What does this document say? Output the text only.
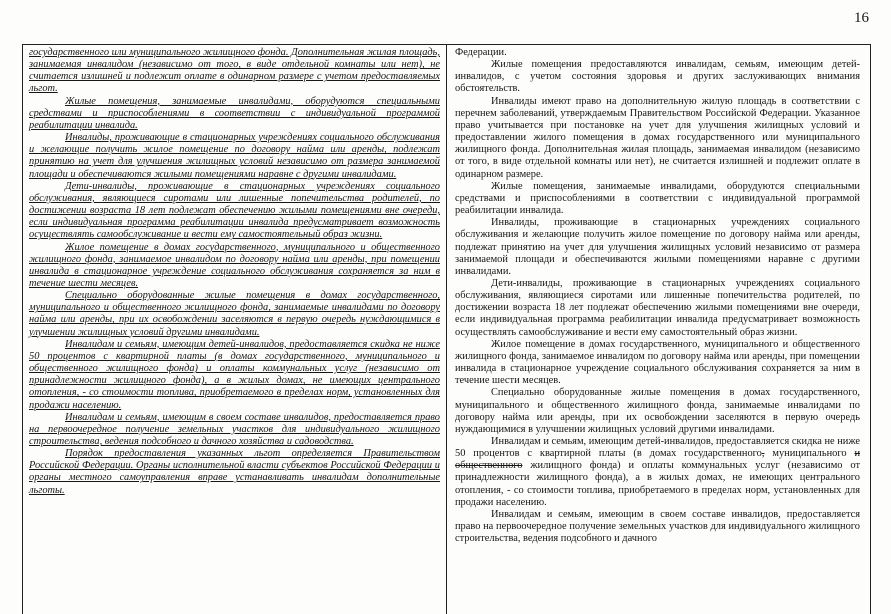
16

государственного или муниципального жилищного фонда. Дополнительная жилая площадь, занимаемая инвалидом (независимо от того, в виде отдельной комнаты или нет), не считается излишней и подлежит оплате в одинарном размере с учетом предоставляемых льгот.

Жилые помещения, занимаемые инвалидами, оборудуются специальными средствами и приспособлениями в соответствии с индивидуальной программой реабилитации инвалида.

Инвалиды, проживающие в стационарных учреждениях социального обслуживания и желающие получить жилое помещение по договору найма или аренды, подлежат принятию на учет для улучшения жилищных условий независимо от размера занимаемой площади и обеспечиваются жилыми помещениями наравне с другими инвалидами.

Дети-инвалиды, проживающие в стационарных учреждениях социального обслуживания, являющиеся сиротами или лишенные попечительства родителей, по достижении возраста 18 лет подлежат обеспечению жилыми помещениями вне очереди, если индивидуальная программа реабилитации инвалида предусматривает возможность осуществлять самообслуживание и вести ему самостоятельный образ жизни.

Жилое помещение в домах государственного, муниципального и общественного жилищного фонда, занимаемое инвалидом по договору найма или аренды, при помещении инвалида в стационарное учреждение социального обслуживания сохраняется за ним в течение шести месяцев.

Специально оборудованные жилые помещения в домах государственного, муниципального и общественного жилищного фонда, занимаемые инвалидами по договору найма или аренды, при их освобождении заселяются в первую очередь нуждающимися в улучшении жилищных условий другими инвалидами.

Инвалидам и семьям, имеющим детей-инвалидов, предоставляется скидка не ниже 50 процентов с квартирной платы (в домах государственного, муниципального и общественного жилищного фонда) и оплаты коммунальных услуг (независимо от принадлежности жилищного фонда), а в жилых домах, не имеющих центрального отопления, - со стоимости топлива, приобретаемого в пределах норм, установленных для продажи населению.

Инвалидам и семьям, имеющим в своем составе инвалидов, предоставляется право на первоочередное получение земельных участков для индивидуального жилищного строительства, ведения подсобного и дачного хозяйства и садоводства.

Порядок предоставления указанных льгот определяется Правительством Российской Федерации. Органы исполнительной власти субъектов Российской Федерации и органы местного самоуправления вправе устанавливать инвалидам дополнительные льготы.

Федерации.

Жилые помещения предоставляются инвалидам, семьям, имеющим детей-инвалидов, с учетом состояния здоровья и других заслуживающих внимания обстоятельств.

Инвалиды имеют право на дополнительную жилую площадь в соответствии с перечнем заболеваний, утверждаемым Правительством Российской Федерации. Указанное право учитывается при постановке на учет для улучшения жилищных условий и предоставлении жилого помещения в домах государственного или муниципального жилищного фонда. Дополнительная жилая площадь, занимаемая инвалидом (независимо от того, в виде отдельной комнаты или нет), не считается излишней и подлежит оплате в одинарном размере.

Жилые помещения, занимаемые инвалидами, оборудуются специальными средствами и приспособлениями в соответствии с индивидуальной программой реабилитации инвалида.

Инвалиды, проживающие в стационарных учреждениях социального обслуживания и желающие получить жилое помещение по договору найма или аренды, подлежат принятию на учет для улучшения жилищных условий независимо от размера занимаемой площади и обеспечиваются жилыми помещениями наравне с другими инвалидами.

Дети-инвалиды, проживающие в стационарных учреждениях социального обслуживания, являющиеся сиротами или лишенные попечительства родителей, по достижении возраста 18 лет подлежат обеспечению жилыми помещениями вне очереди, если индивидуальная программа реабилитации инвалида предусматривает возможность осуществлять самообслуживание и вести ему самостоятельный образ жизни.

Жилое помещение в домах государственного, муниципального и общественного жилищного фонда, занимаемое инвалидом по договору найма или аренды, при помещении инвалида в стационарное учреждение социального обслуживания сохраняется за ним в течение шести месяцев.

Специально оборудованные жилые помещения в домах государственного, муниципального и общественного жилищного фонда, занимаемые инвалидами по договору найма или аренды, при их освобождении заселяются в первую очередь нуждающимися в улучшении жилищных условий другими инвалидами.

Инвалидам и семьям, имеющим детей-инвалидов, предоставляется скидка не ниже 50 процентов с квартирной платы (в домах государственного, муниципального и общественного жилищного фонда) и оплаты коммунальных услуг (независимо от принадлежности жилищного фонда), а в жилых домах, не имеющих центрального отопления, - со стоимости топлива, приобретаемого в пределах норм, установленных для продажи населению.

Инвалидам и семьям, имеющим в своем составе инвалидов, предоставляется право на первоочередное получение земельных участков для индивидуального жилищного строительства, ведения подсобного и дачного
